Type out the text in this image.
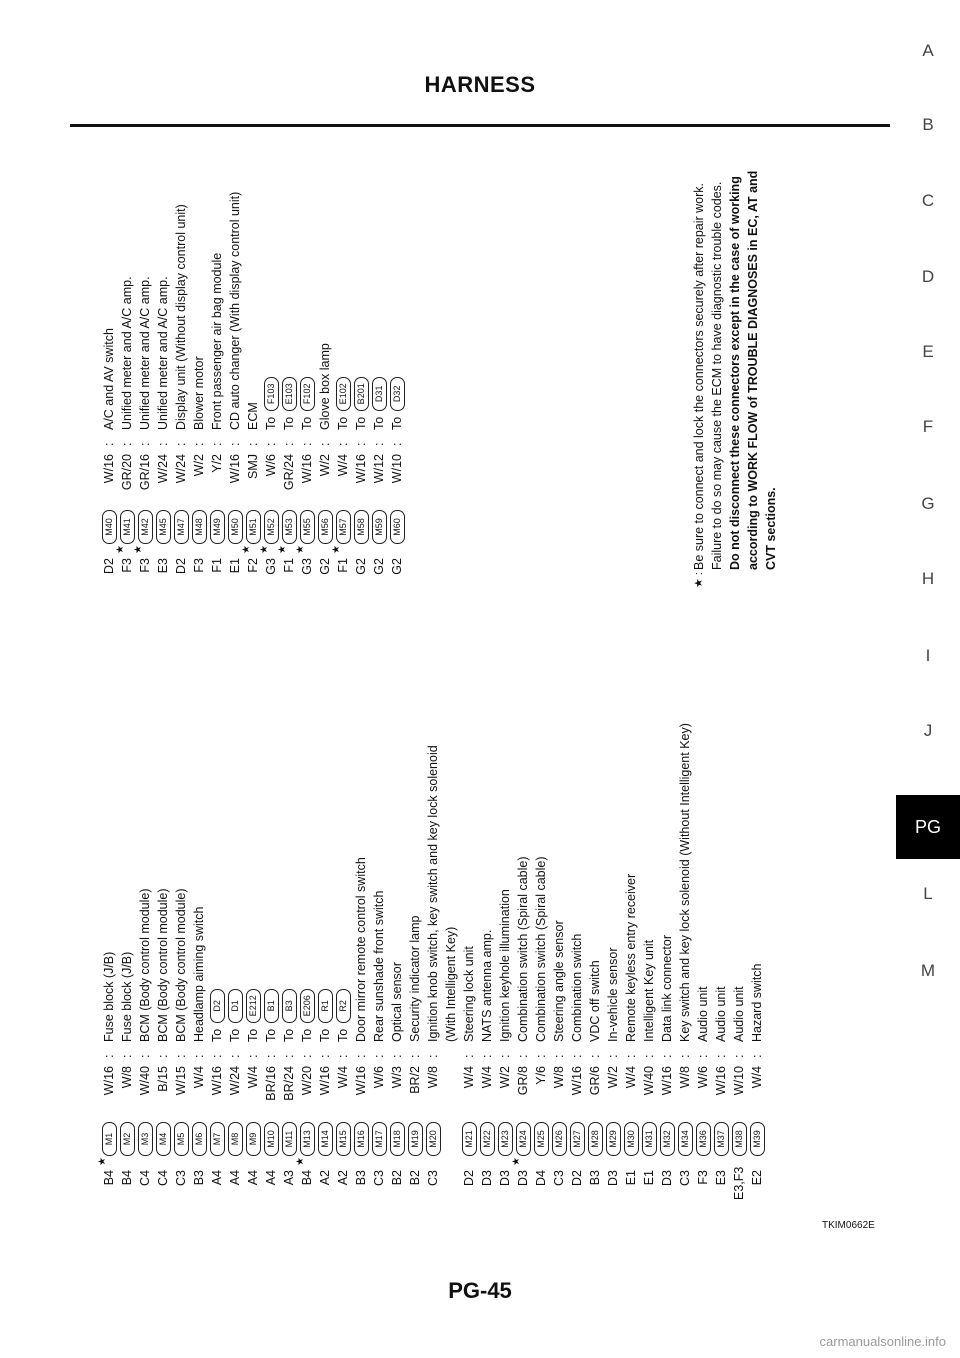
HARNESS
A
B
C
D
E
F
G
H
I
J
PG
L
M
B4
★
M1
W/16
:
Fuse block (J/B)
B4
M2
W/8
:
Fuse block (J/B)
C4
M3
W/40
:
BCM (Body control module)
C4
M4
B/15
:
BCM (Body control module)
C3
M5
W/15
:
BCM (Body control module)
B3
M6
W/4
:
Headlamp aiming switch
A4
M7
W/16
:
ToD2
A4
M8
W/24
:
ToD1
A4
M9
W/4
:
ToE212
A4
M10
BR/16
:
ToB1
A3
M11
BR/24
:
ToB3
B4
★
M13
W/20
:
ToE206
A2
M14
W/16
:
ToR1
A2
M15
W/4
:
ToR2
B3
M16
W/16
:
Door mirror remote control switch
C3
M17
W/6
:
Rear sunshade front switch
B2
M18
W/3
:
Optical sensor
B2
M19
BR/2
:
Security indicator lamp
C3
M20
W/8
:
Ignition knob switch, key switch and key lock solenoid (With Intelligent Key)
D2
M21
W/4
:
Steering lock unit
D3
M22
W/4
:
NATS antenna amp.
D3
M23
W/2
:
Ignition keyhole illumination
D3
★
M24
GR/8
:
Combination switch (Spiral cable)
D4
M25
Y/6
:
Combination switch (Spiral cable)
C3
M26
W/8
:
Steering angle sensor
D2
M27
W/16
:
Combination switch
B3
M28
GR/6
:
VDC off switch
D3
M29
W/2
:
In-vehicle sensor
E1
M30
W/4
:
Remote keyless entry receiver
E1
M31
W/40
:
Intelligent Key unit
D3
M32
W/16
:
Data link connector
C3
M34
W/8
:
Key switch and key lock solenoid (Without Intelligent Key)
F3
M36
W/6
:
Audio unit
E3
M37
W/16
:
Audio unit
E3,F3
M38
W/10
:
Audio unit
E2
M39
W/4
:
Hazard switch
D2
M40
W/16
:
A/C and AV switch
F3
★
M41
GR/20
:
Unified meter and A/C amp.
F3
★
M42
GR/16
:
Unified meter and A/C amp.
E3
M45
W/24
:
Unified meter and A/C amp.
D2
M47
W/24
:
Display unit (Without display control unit)
F3
M48
W/2
:
Blower motor
F1
M49
Y/2
:
Front passenger air bag module
E1
M50
W/16
:
CD auto changer (With display control unit)
F2
★
M51
SMJ
:
ECM
G3
★
M52
W/6
:
ToF103
F1
★
M53
GR/24
:
ToE103
G3
★
M55
W/16
:
ToF102
G2
M56
W/2
:
Glove box lamp
F1
★
M57
W/4
:
ToE102
G2
M58
W/16
:
ToB201
G2
M59
W/12
:
ToD31
G2
M60
W/10
:
ToD32
★ :
Be sure to connect and lock the connectors securely after repair work. Failure to do so may cause the ECM to have diagnostic trouble codes. Do not disconnect these connectors except in the case of working according to WORK FLOW of TROUBLE DIAGNOSES in EC, AT and CVT sections.
TKIM0662E
PG-45
carmanualsonline.info
